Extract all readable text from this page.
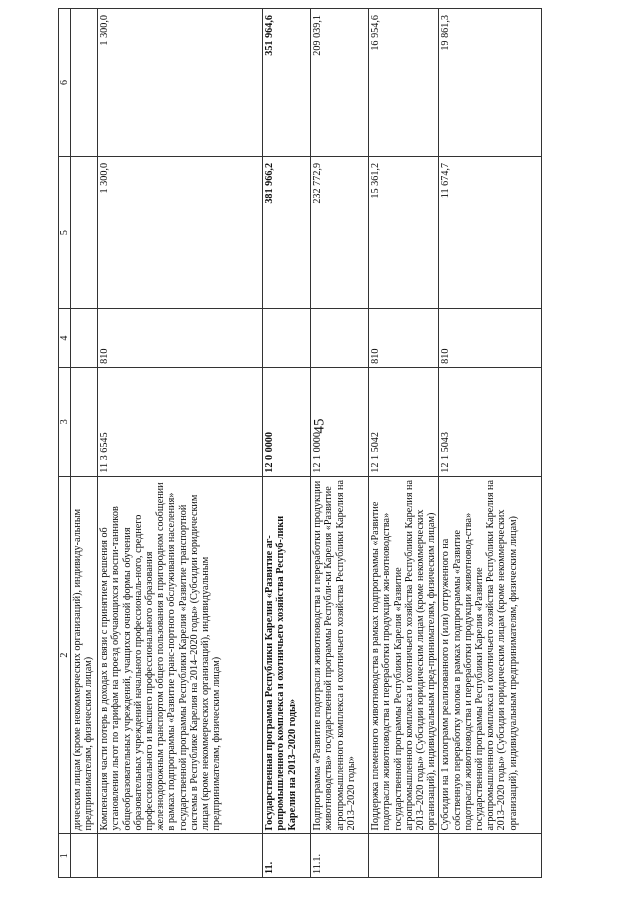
45
1	2	3	4	5	6
	дическим лицам (кроме некоммерческих организаций), индивиду-альным предпринимателям, физическим лицам)				
	Компенсация части потерь в доходах в связи с принятием решения об установлении льгот по тарифам на проезд обучающихся и воспи-танников общеобразовательных учреждений, учащихся очной формы обучения образовательных учреждений начального профессиональ-ного, среднего профессионального и высшего профессионального образования железнодорожным транспортом общего пользования в пригородном сообщении в рамках подпрограммы «Развитие транс-портного обслуживания населения» государственной программы Республики Карелия «Развитие транспортной системы в Республике Карелия на 2014–2020 годы» (Субсидии юридическим лицам (кроме некоммерческих организаций), индивидуальным предпринимателям, физическим лицам)	11 3 6545	810	1 300,0	1 300,0
11.	Государственная программа Республики Карелия «Развитие аг-ропромышленного комплекса и охотничьего хозяйства Респуб-лики Карелия на 2013–2020 годы»	12 0 0000		381 966,2	351 964,6
11.1.	Подпрограмма «Развитие подотрасли животноводства и переработки продукции животноводства» государственной программы Республи-ки Карелия «Развитие агропромышленного комплекса и охотничьего хозяйства Республики Карелия на 2013–2020 годы»	12 1 0000		232 772,9	209 039,1
	Поддержка племенного животноводства в рамках подпрограммы «Развитие подотрасли животноводства и переработки продукции жи-вотноводства» государственной программы Республики Карелия «Развитие агропромышленного комплекса и охотничьего хозяйства Республики Карелия на 2013–2020 годы» (Субсидии юридическим лицам (кроме некоммерческих организаций), индивидуальным пред-принимателям, физическим лицам)	12 1 5042	810	15 361,2	16 954,6
	Субсидии на 1 килограмм реализованного и (или) отгруженного на собственную переработку молока в рамках подпрограммы «Развитие подотрасли животноводства и переработки продукции животновод-ства» государственной программы Республики Карелия «Развитие агропромышленного комплекса и охотничьего хозяйства Республики Карелия на 2013–2020 годы» (Субсидии юридическим лицам (кроме некоммерческих организаций), индивидуальным предпринимателям, физическим лицам)	12 1 5043	810	11 674,7	19 861,3
